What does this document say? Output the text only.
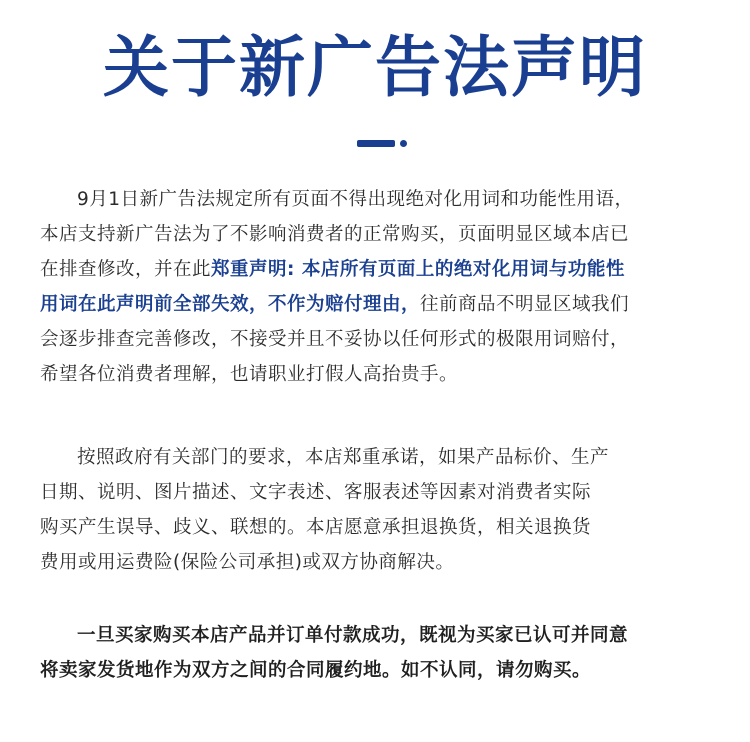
关于新广告法声明
9月1日新广告法规定所有页面不得出现绝对化用词和功能性用语，
本店支持新广告法为了不影响消费者的正常购买，页面明显区域本店已
在排查修改，并在此郑重声明: 本店所有页面上的绝对化用词与功能性
用词在此声明前全部失效，不作为赔付理由，往前商品不明显区域我们
会逐步排查完善修改，不接受并且不妥协以任何形式的极限用词赔付，
希望各位消费者理解，也请职业打假人高抬贵手。
按照政府有关部门的要求，本店郑重承诺，如果产品标价、生产
日期、说明、图片描述、文字表述、客服表述等因素对消费者实际
购买产生误导、歧义、联想的。本店愿意承担退换货，相关退换货
费用或用运费险(保险公司承担)或双方协商解决。
一旦买家购买本店产品并订单付款成功，既视为买家已认可并同意
将卖家发货地作为双方之间的合同履约地。如不认同，请勿购买。
